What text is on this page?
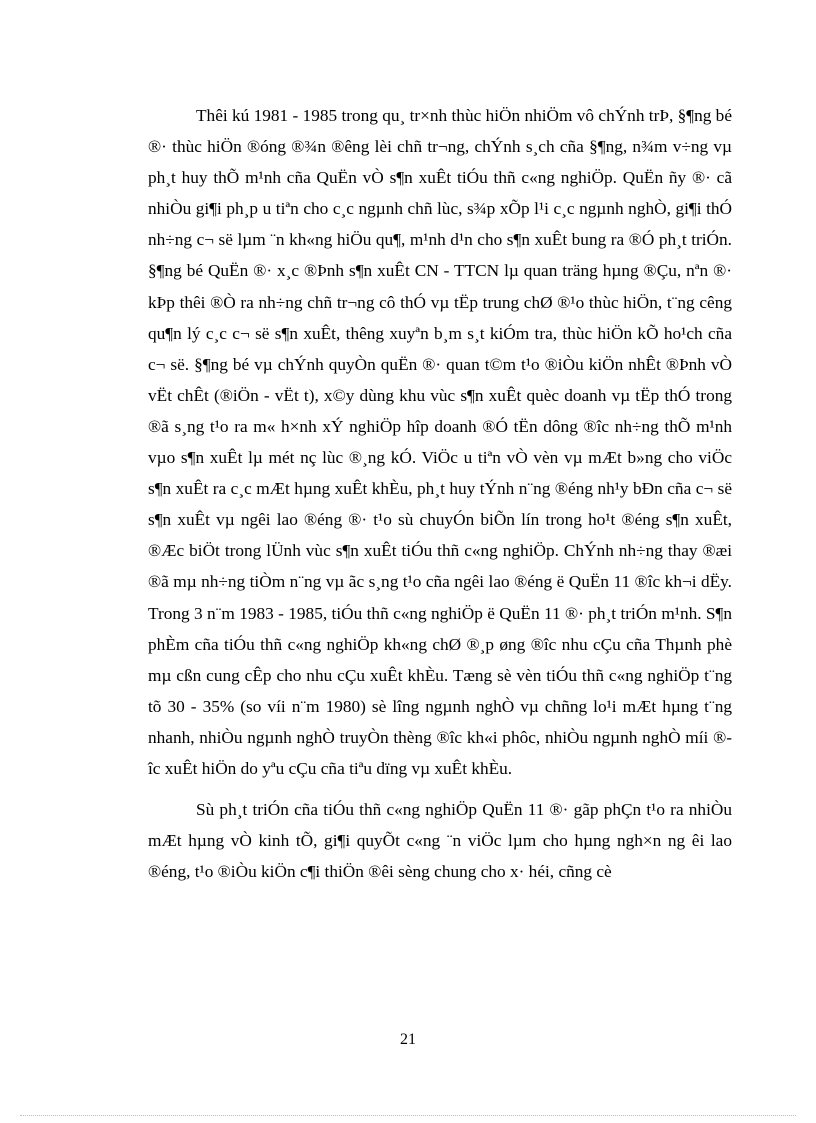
Thêi kú 1981 - 1985 trong qu¸ tr×nh thùc hiÖn nhiÖm vô chÝnh trÞ, §¶ng bé ®· thùc hiÖn ®óng ®¾n ®êng lèi chñ tr¬ng, chÝnh s¸ch cña §¶ng, n¾m v÷ng vµ ph¸t huy thÕ m¹nh cña QuËn vÒ s¶n xuÊt tiÓu thñ c«ng nghiÖp. QuËn ñy ®· cã nhiÒu gi¶i ph¸p u tiªn cho c¸c ngµnh chñ lùc, s¾p xÕp l¹i c¸c ngµnh nghÒ, gi¶i thÓ nh÷ng c¬ së lµm ¨n kh«ng hiÖu qu¶, m¹nh d¹n cho s¶n xuÊt bung ra ®Ó ph¸t triÓn. §¶ng bé QuËn ®· x¸c ®Þnh s¶n xuÊt CN - TTCN lµ quan träng hµng ®Çu, nªn ®· kÞp thêi ®Ò ra nh÷ng chñ tr¬ng cô thÓ vµ tËp trung chØ ®¹o thùc hiÖn, t¨ng cêng qu¶n lý c¸c c¬ së s¶n xuÊt, thêng xuyªn b¸m s¸t kiÓm tra, thùc hiÖn kÕ ho¹ch cña c¬ së. §¶ng bé vµ chÝnh quyÒn quËn ®· quan t©m t¹o ®iÒu kiÖn nhÊt ®Þnh vÒ vËt chÊt (®iÖn - vËt t), x©y dùng khu vùc s¶n xuÊt quèc doanh vµ tËp thÓ trong ®ã s¸ng t¹o ra m« h×nh xÝ nghiÖp hîp doanh ®Ó tËn dông ®îc nh÷ng thÕ m¹nh vµo s¶n xuÊt lµ mét nç lùc ®¸ng kÓ. ViÖc u tiªn vÒ vèn vµ mÆt b»ng cho viÖc s¶n xuÊt ra c¸c mÆt hµng xuÊt khÈu, ph¸t huy tÝnh n¨ng ®éng nh¹y bÐn cña c¬ së s¶n xuÊt vµ ngêi lao ®éng ®· t¹o sù chuyÓn biÕn lín trong ho¹t ®éng s¶n xuÊt, ®Æc biÖt trong lÜnh vùc s¶n xuÊt tiÓu thñ c«ng nghiÖp. ChÝnh nh÷ng thay ®æi ®ã mµ nh÷ng tiÒm n¨ng vµ ãc s¸ng t¹o cña ngêi lao ®éng ë QuËn 11 ®îc kh¬i dËy. Trong 3 n¨m 1983 - 1985, tiÓu thñ c«ng nghiÖp ë QuËn 11 ®· ph¸t triÓn m¹nh. S¶n phÈm cña tiÓu thñ c«ng nghiÖp kh«ng chØ ®¸p øng ®îc nhu cÇu cña Thµnh phè mµ cßn cung cÊp cho nhu cÇu xuÊt khÈu. Tæng sè vèn tiÓu thñ c«ng nghiÖp t¨ng tõ 30 - 35% (so víi n¨m 1980) sè lîng ngµnh nghÒ vµ chñng lo¹i mÆt hµng t¨ng nhanh, nhiÒu ngµnh nghÒ truyÒn thèng ®îc kh«i phôc, nhiÒu ngµnh nghÒ míi ®îc xuÊt hiÖn do yªu cÇu cña tiªu dïng vµ xuÊt khÈu.

Sù ph¸t triÓn cña tiÓu thñ c«ng nghiÖp QuËn 11 ®· gãp phÇn t¹o ra nhiÒu mÆt hµng vÒ kinh tÕ, gi¶i quyÕt c«ng ¨n viÖc lµm cho hµng ngh×n ng êi lao ®éng, t¹o ®iÒu kiÖn c¶i thiÖn ®êi sèng chung cho x· héi, cñng cè

21
